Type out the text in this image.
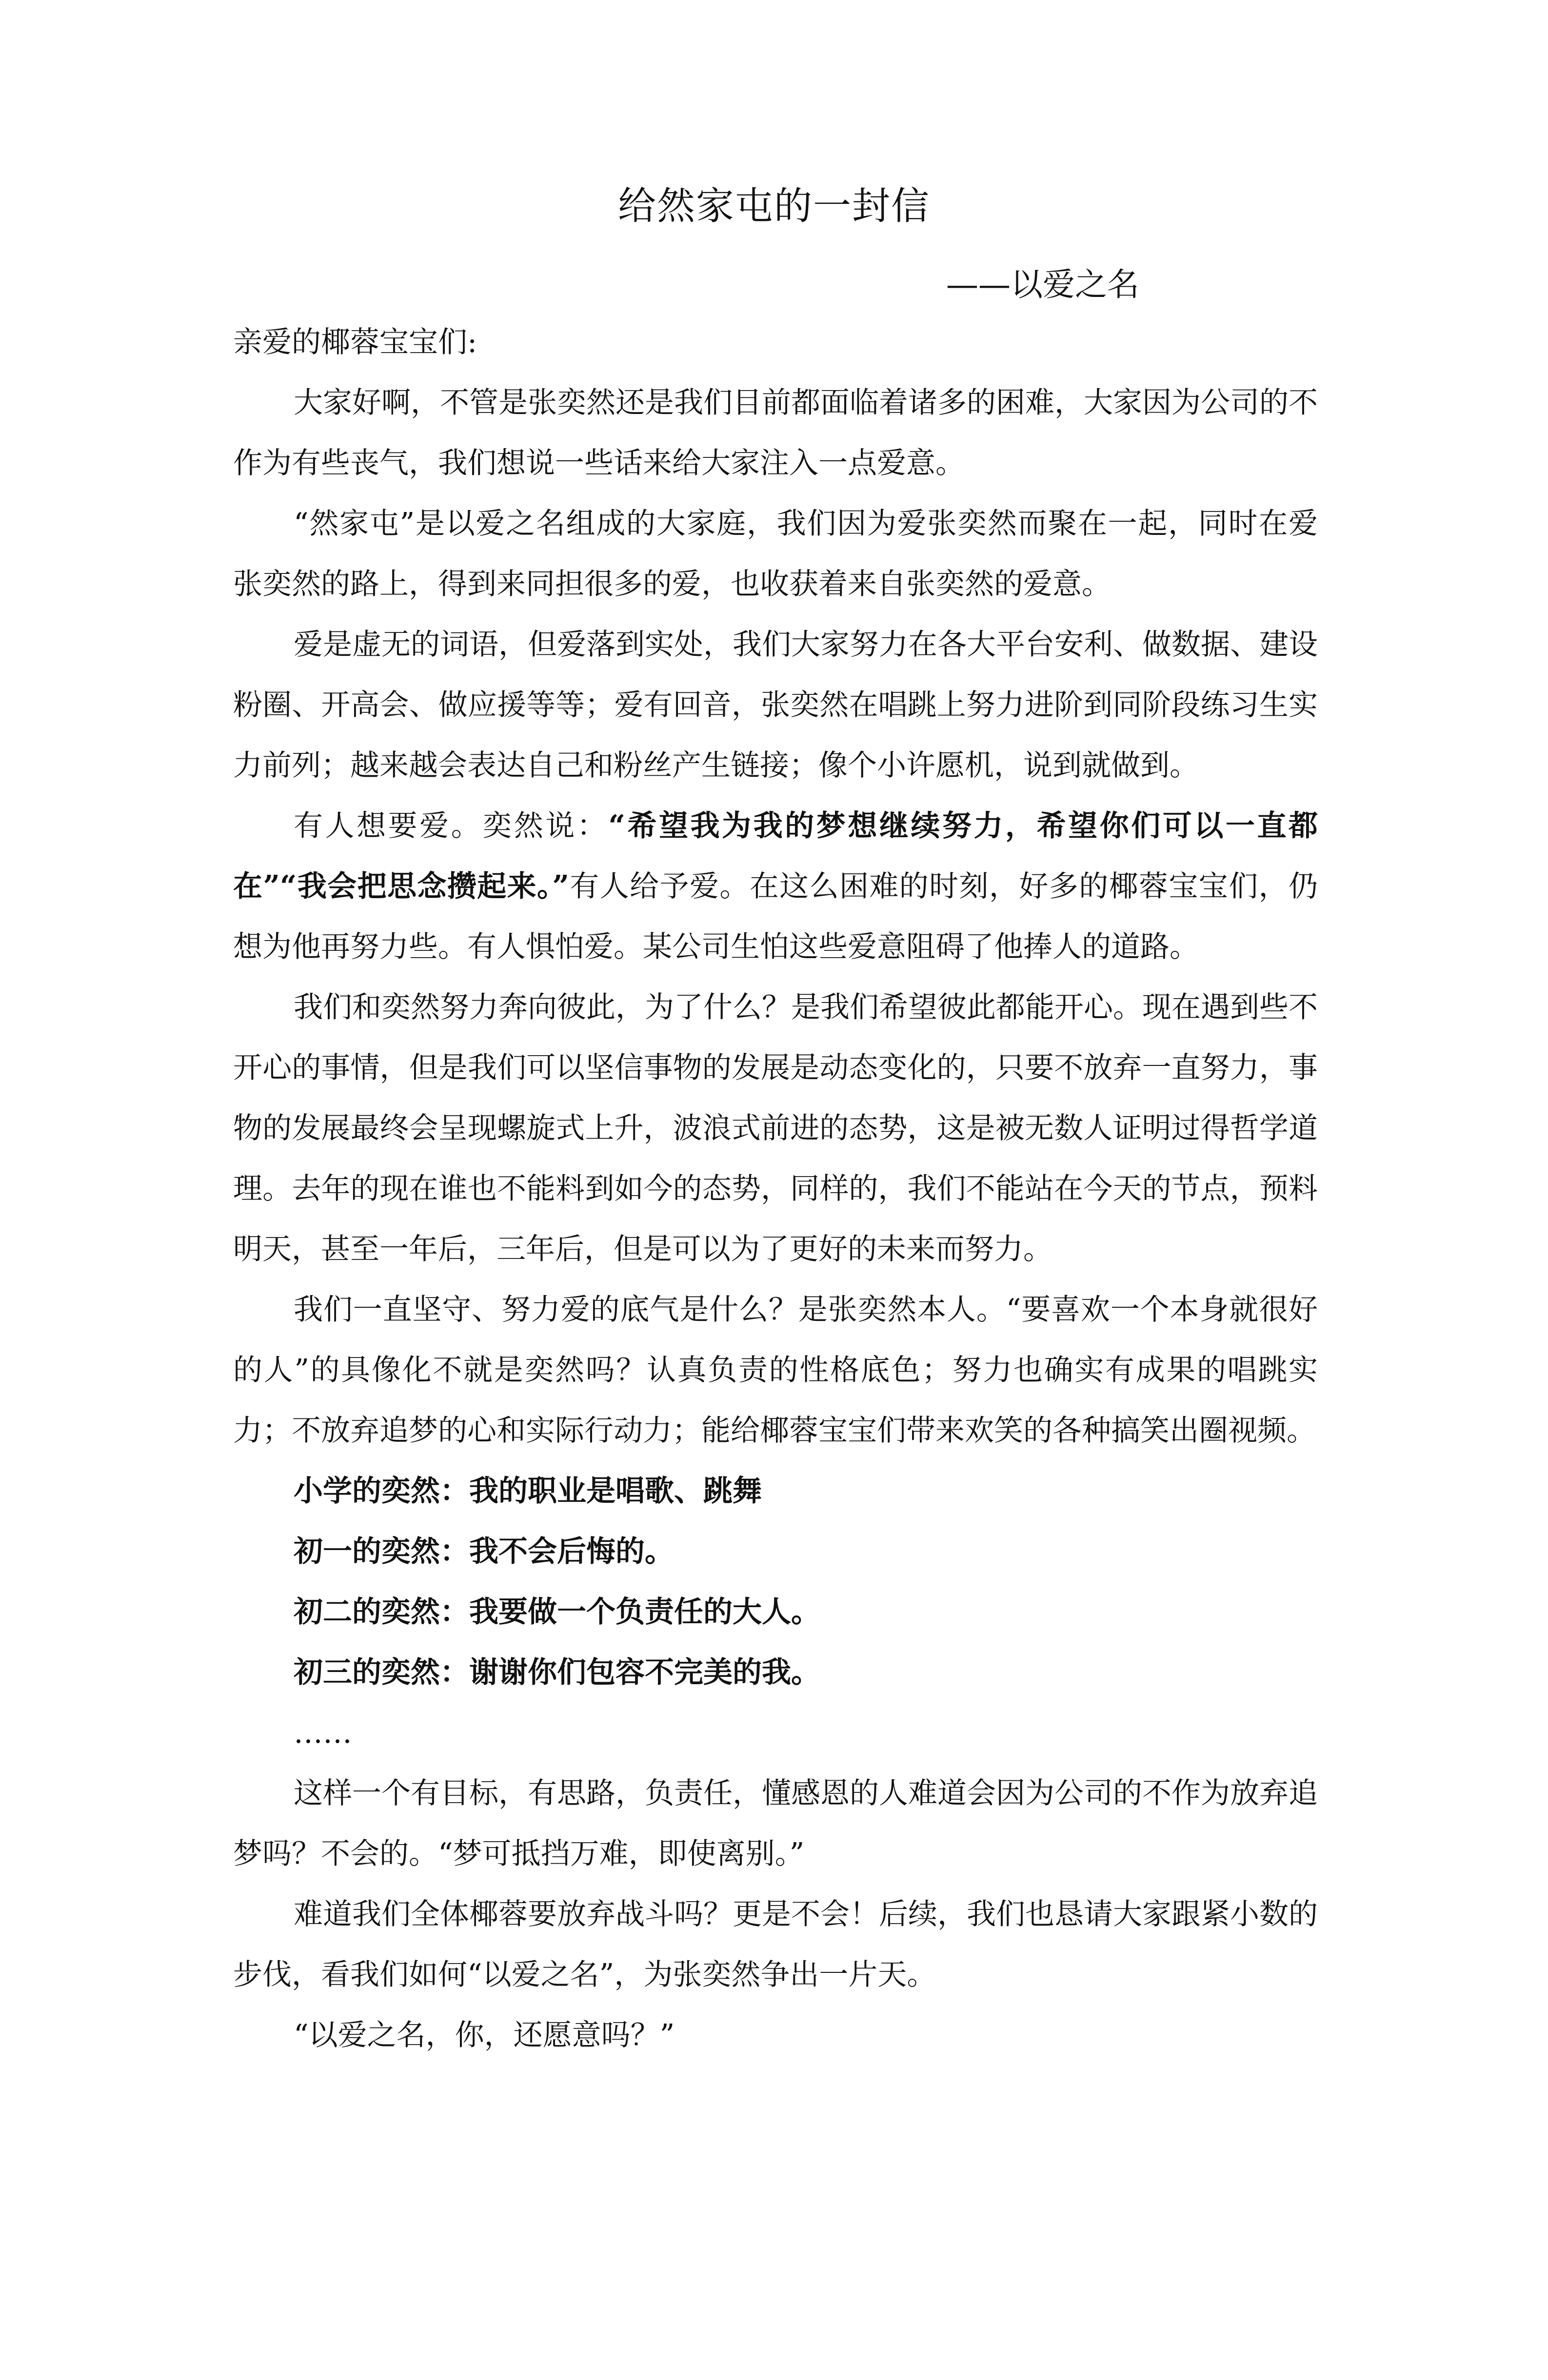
给然家屯的一封信
——以爱之名

亲爱的椰蓉宝宝们:

大家好啊，不管是张奕然还是我们目前都面临着诸多的困难，大家因为公司的不作为有些丧气，我们想说一些话来给大家注入一点爱意。

“然家屯”是以爱之名组成的大家庭，我们因为爱张奕然而聚在一起，同时在爱张奕然的路上，得到来同担很多的爱，也收获着来自张奕然的爱意。

爱是虚无的词语，但爱落到实处，我们大家努力在各大平台安利、做数据、建设粉圈、开高会、做应援等等；爱有回音，张奕然在唱跳上努力进阶到同阶段练习生实力前列；越来越会表达自己和粉丝产生链接；像个小许愿机，说到就做到。

有人想要爱。奕然说：“希望我为我的梦想继续努力，希望你们可以一直都在”“我会把思念攒起来。”有人给予爱。在这么困难的时刻，好多的椰蓉宝宝们，仍想为他再努力些。有人惧怕爱。某公司生怕这些爱意阻碍了他捧人的道路。

我们和奕然努力奔向彼此，为了什么？是我们希望彼此都能开心。现在遇到些不开心的事情，但是我们可以坚信事物的发展是动态变化的，只要不放弃一直努力，事物的发展最终会呈现螺旋式上升，波浪式前进的态势，这是被无数人证明过得哲学道理。去年的现在谁也不能料到如今的态势，同样的，我们不能站在今天的节点，预料明天，甚至一年后，三年后，但是可以为了更好的未来而努力。

我们一直坚守、努力爱的底气是什么？是张奕然本人。“要喜欢一个本身就很好的人”的具像化不就是奕然吗？认真负责的性格底色；努力也确实有成果的唱跳实力；不放弃追梦的心和实际行动力；能给椰蓉宝宝们带来欢笑的各种搞笑出圈视频。

小学的奕然：我的职业是唱歌、跳舞

初一的奕然：我不会后悔的。

初二的奕然：我要做一个负责任的大人。

初三的奕然：谢谢你们包容不完美的我。

……

这样一个有目标，有思路，负责任，懂感恩的人难道会因为公司的不作为放弃追梦吗？不会的。“梦可抵挡万难，即使离别。”

难道我们全体椰蓉要放弃战斗吗？更是不会！后续，我们也恳请大家跟紧小数的步伐，看我们如何“以爱之名”，为张奕然争出一片天。

“以爱之名，你，还愿意吗？”
